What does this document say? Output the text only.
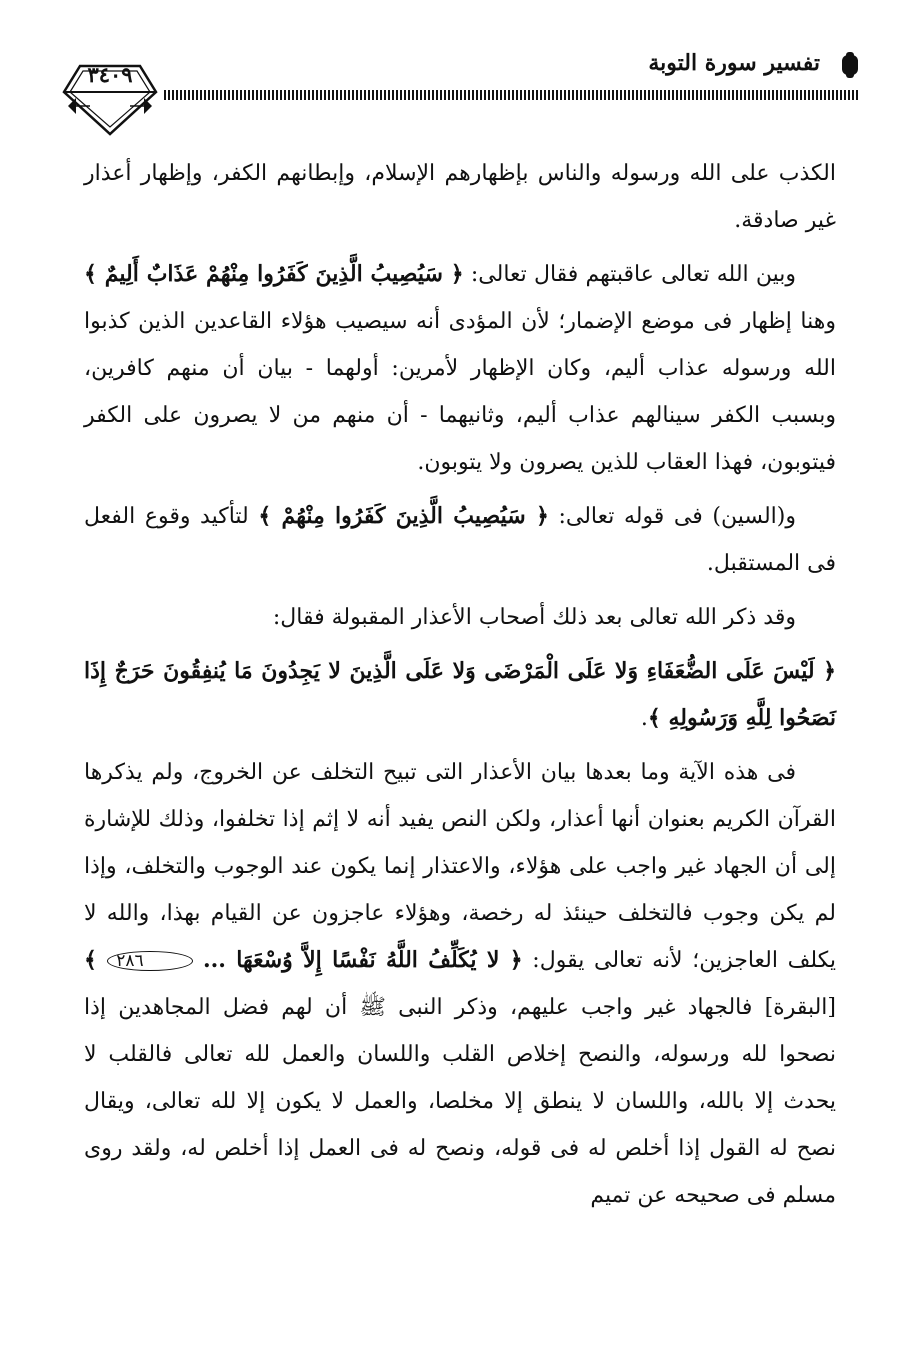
٣٤٠٩	تفسير سورة التوبة

الكذب على الله ورسوله والناس بإظهارهم الإسلام، وإبطانهم الكفر، وإظهار أعذار غير صادقة.

وبين الله تعالى عاقبتهم فقال تعالى: ﴿ سَيُصِيبُ الَّذِينَ كَفَرُوا مِنْهُمْ عَذَابٌ أَلِيمٌ ﴾ وهنا إظهار فى موضع الإضمار؛ لأن المؤدى أنه سيصيب هؤلاء القاعدين الذين كذبوا الله ورسوله عذاب أليم، وكان الإظهار لأمرين: أولهما - بيان أن منهم كافرين، وبسبب الكفر سينالهم عذاب أليم، وثانيهما - أن منهم من لا يصرون على الكفر فيتوبون، فهذا العقاب للذين يصرون ولا يتوبون.

و(السين) فى قوله تعالى: ﴿ سَيُصِيبُ الَّذِينَ كَفَرُوا مِنْهُمْ ﴾ لتأكيد وقوع الفعل فى المستقبل.

وقد ذكر الله تعالى بعد ذلك أصحاب الأعذار المقبولة فقال:

﴿ لَيْسَ عَلَى الضُّعَفَاءِ وَلا عَلَى الْمَرْضَى وَلا عَلَى الَّذِينَ لا يَجِدُونَ مَا يُنفِقُونَ حَرَجٌ إِذَا نَصَحُوا لِلَّهِ وَرَسُولِهِ ﴾.

فى هذه الآية وما بعدها بيان الأعذار التى تبيح التخلف عن الخروج، ولم يذكرها القرآن الكريم بعنوان أنها أعذار، ولكن النص يفيد أنه لا إثم إذا تخلفوا، وذلك للإشارة إلى أن الجهاد غير واجب على هؤلاء، والاعتذار إنما يكون عند الوجوب والتخلف، وإذا لم يكن وجوب فالتخلف حينئذ له رخصة، وهؤلاء عاجزون عن القيام بهذا، والله لا يكلف العاجزين؛ لأنه تعالى يقول: ﴿ لا يُكَلِّفُ اللَّهُ نَفْسًا إِلاَّ وُسْعَهَا ... ٢٨٦ ﴾ [البقرة] فالجهاد غير واجب عليهم، وذكر النبى ﷺ أن لهم فضل المجاهدين إذا نصحوا لله ورسوله، والنصح إخلاص القلب واللسان والعمل لله تعالى فالقلب لا يحدث إلا بالله، واللسان لا ينطق إلا مخلصا، والعمل لا يكون إلا لله تعالى، ويقال نصح له القول إذا أخلص له فى قوله، ونصح له فى العمل إذا أخلص له، ولقد روى مسلم فى صحيحه عن تميم
